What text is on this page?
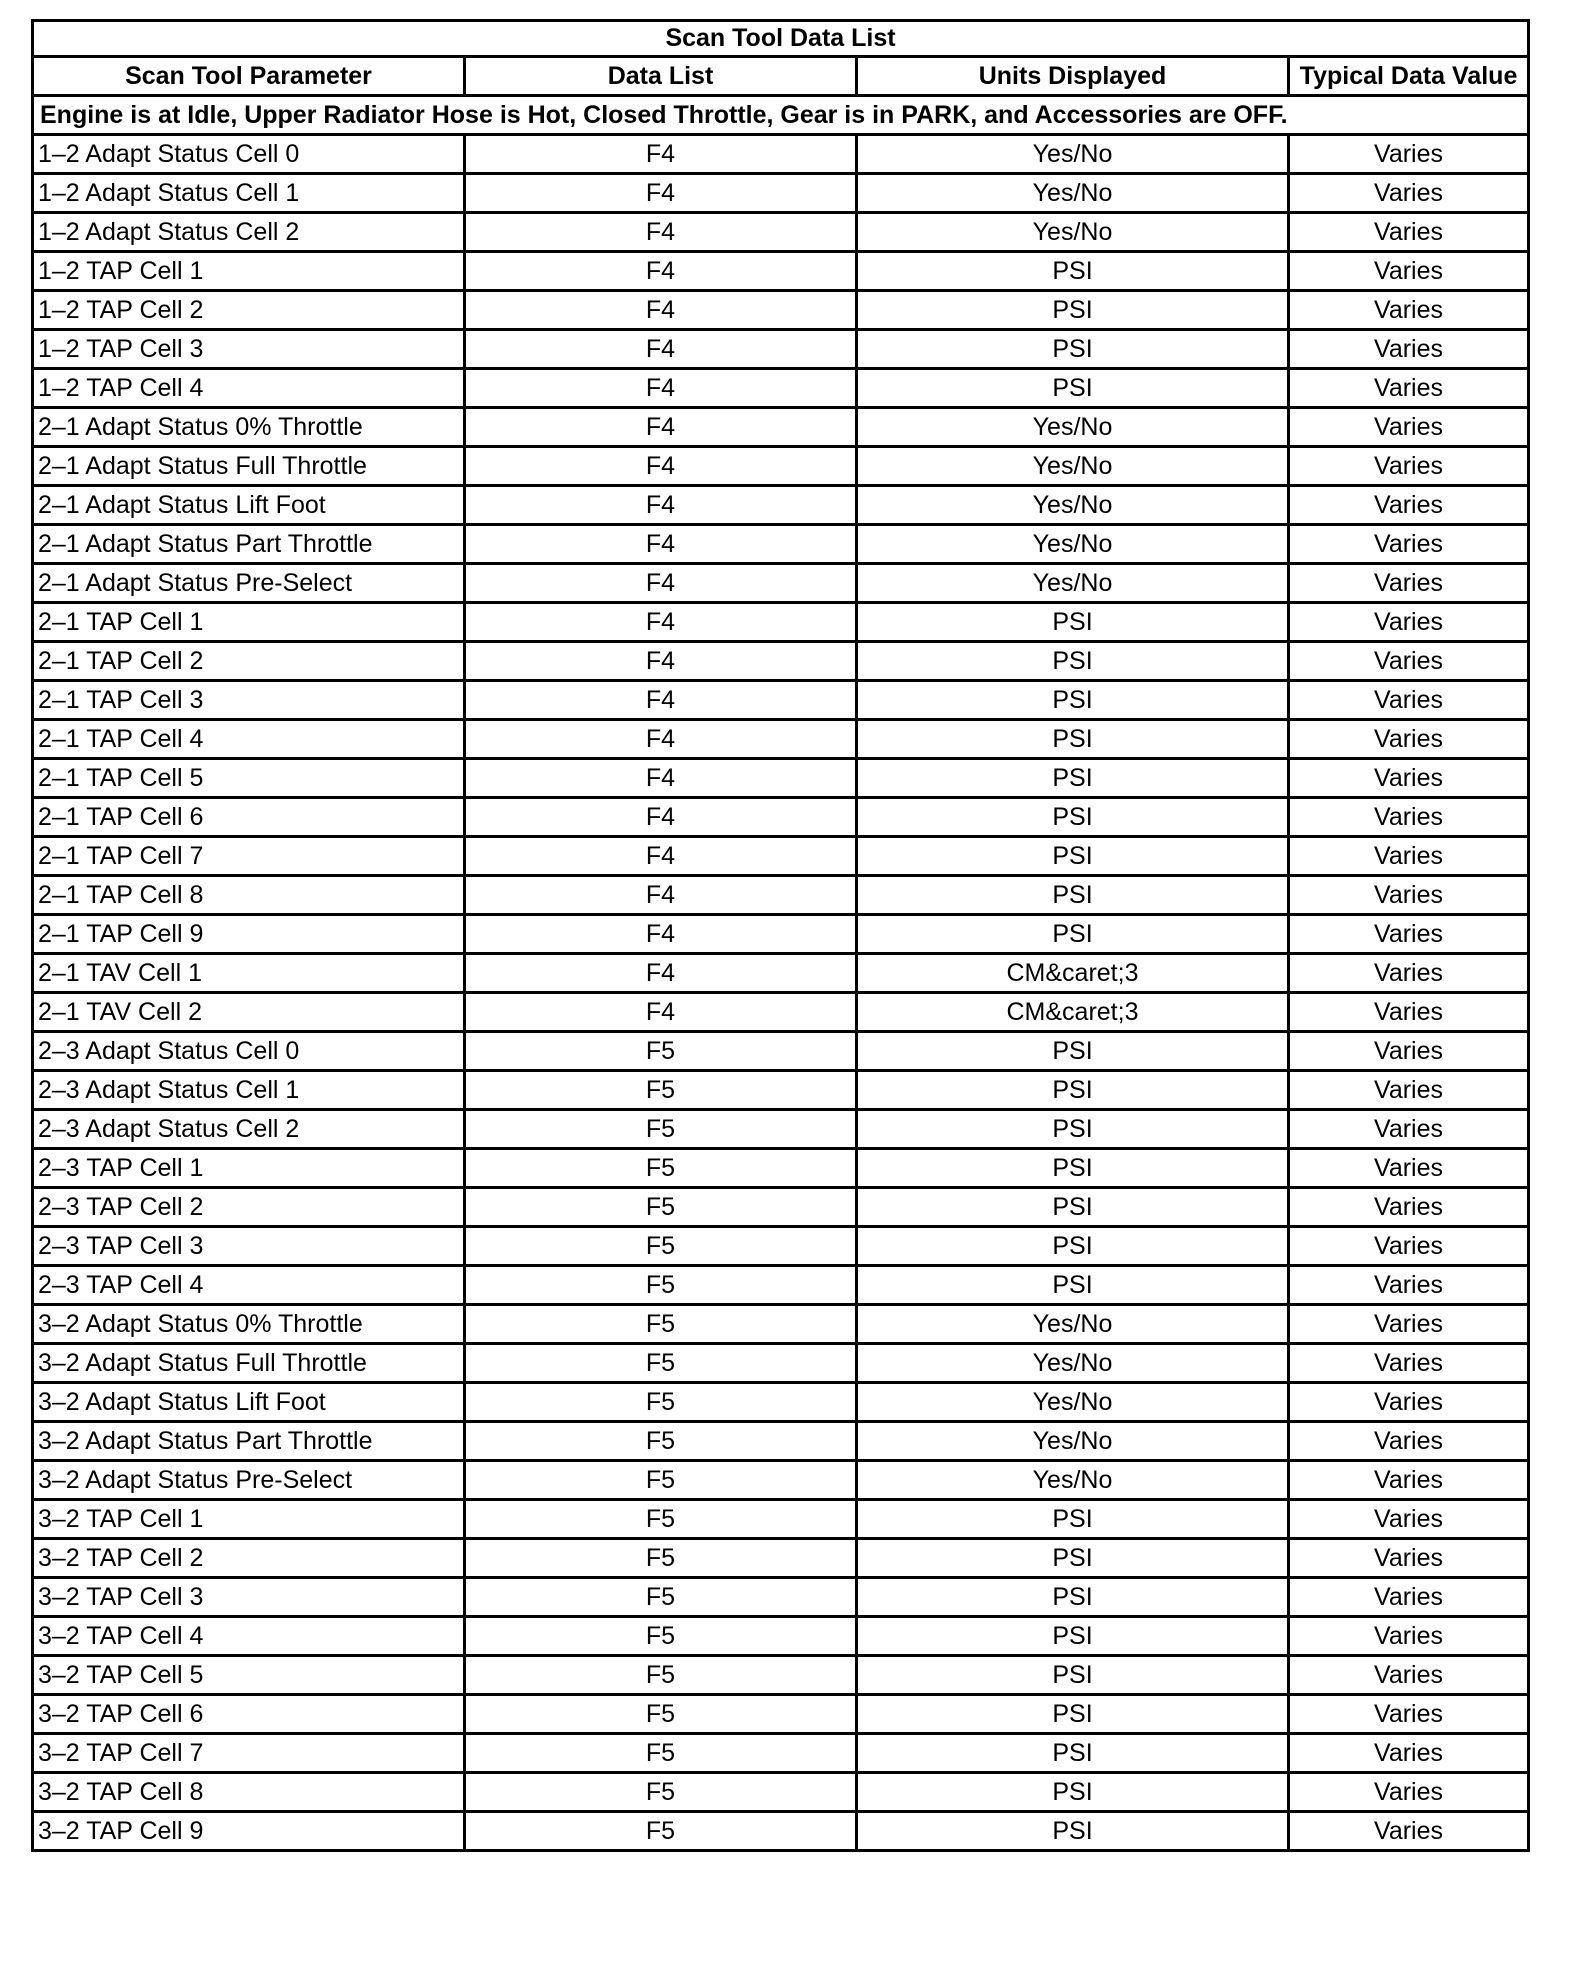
Scan Tool Data List			
Scan Tool Parameter	Data List	Units Displayed	Typical Data Value
Engine is at Idle, Upper Radiator Hose is Hot, Closed Throttle, Gear is in PARK, and Accessories are OFF.			
1–2 Adapt Status Cell 0	F4	Yes/No	Varies
1–2 Adapt Status Cell 1	F4	Yes/No	Varies
1–2 Adapt Status Cell 2	F4	Yes/No	Varies
1–2 TAP Cell 1	F4	PSI	Varies
1–2 TAP Cell 2	F4	PSI	Varies
1–2 TAP Cell 3	F4	PSI	Varies
1–2 TAP Cell 4	F4	PSI	Varies
2–1 Adapt Status 0% Throttle	F4	Yes/No	Varies
2–1 Adapt Status Full Throttle	F4	Yes/No	Varies
2–1 Adapt Status Lift Foot	F4	Yes/No	Varies
2–1 Adapt Status Part Throttle	F4	Yes/No	Varies
2–1 Adapt Status Pre-Select	F4	Yes/No	Varies
2–1 TAP Cell 1	F4	PSI	Varies
2–1 TAP Cell 2	F4	PSI	Varies
2–1 TAP Cell 3	F4	PSI	Varies
2–1 TAP Cell 4	F4	PSI	Varies
2–1 TAP Cell 5	F4	PSI	Varies
2–1 TAP Cell 6	F4	PSI	Varies
2–1 TAP Cell 7	F4	PSI	Varies
2–1 TAP Cell 8	F4	PSI	Varies
2–1 TAP Cell 9	F4	PSI	Varies
2–1 TAV Cell 1	F4	CM&caret;3	Varies
2–1 TAV Cell 2	F4	CM&caret;3	Varies
2–3 Adapt Status Cell 0	F5	PSI	Varies
2–3 Adapt Status Cell 1	F5	PSI	Varies
2–3 Adapt Status Cell 2	F5	PSI	Varies
2–3 TAP Cell 1	F5	PSI	Varies
2–3 TAP Cell 2	F5	PSI	Varies
2–3 TAP Cell 3	F5	PSI	Varies
2–3 TAP Cell 4	F5	PSI	Varies
3–2 Adapt Status 0% Throttle	F5	Yes/No	Varies
3–2 Adapt Status Full Throttle	F5	Yes/No	Varies
3–2 Adapt Status Lift Foot	F5	Yes/No	Varies
3–2 Adapt Status Part Throttle	F5	Yes/No	Varies
3–2 Adapt Status Pre-Select	F5	Yes/No	Varies
3–2 TAP Cell 1	F5	PSI	Varies
3–2 TAP Cell 2	F5	PSI	Varies
3–2 TAP Cell 3	F5	PSI	Varies
3–2 TAP Cell 4	F5	PSI	Varies
3–2 TAP Cell 5	F5	PSI	Varies
3–2 TAP Cell 6	F5	PSI	Varies
3–2 TAP Cell 7	F5	PSI	Varies
3–2 TAP Cell 8	F5	PSI	Varies
3–2 TAP Cell 9	F5	PSI	Varies
